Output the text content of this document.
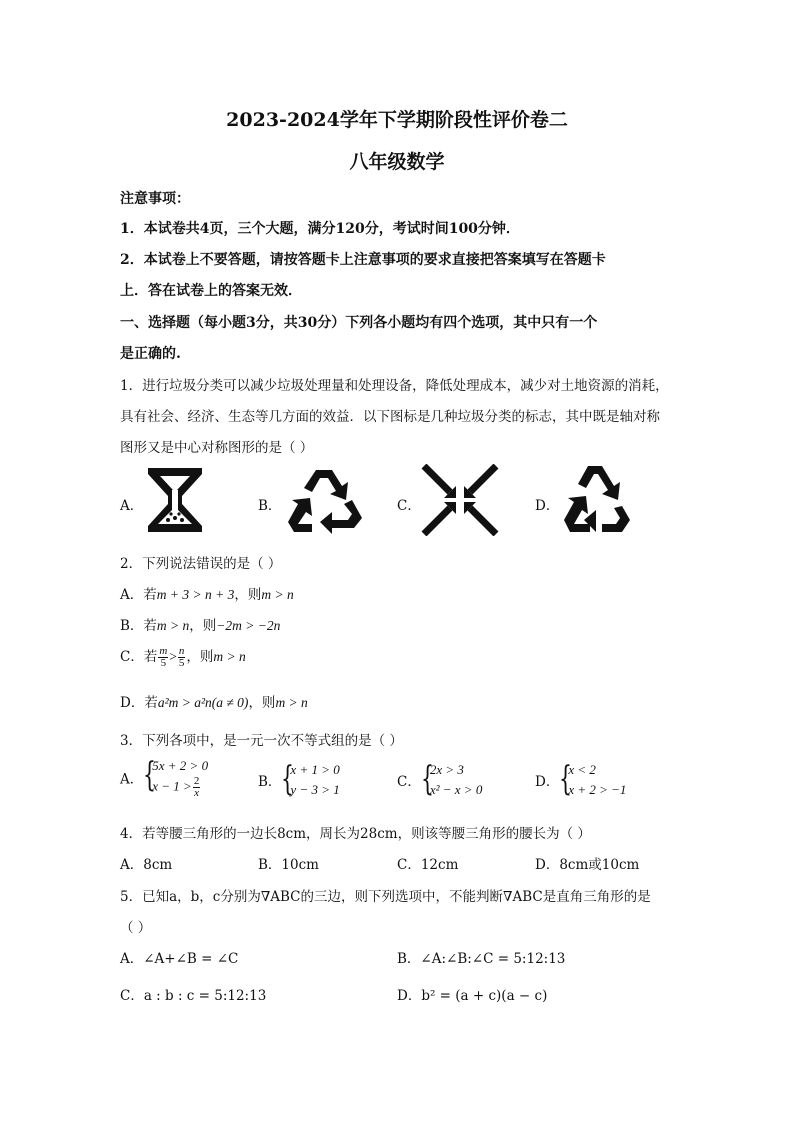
2023-2024学年下学期阶段性评价卷二
八年级数学
注意事项：
1．本试卷共4页，三个大题，满分120分，考试时间100分钟．
2．本试卷上不要答题，请按答题卡上注意事项的要求直接把答案填写在答题卡
上．答在试卷上的答案无效．
一、选择题（每小题3分，共30分）下列各小题均有四个选项，其中只有一个
是正确的.
1．进行垃圾分类可以减少垃圾处理量和处理设备，降低处理成本，减少对土地资源的消耗，
具有社会、经济、生态等几方面的效益．以下图标是几种垃圾分类的标志，其中既是轴对称
图形又是中心对称图形的是（ ）
A．	B．	C．	D．
2．下列说法错误的是（ ）
A．若m + 3 > n + 3，则m > n
B．若m > n，则−2m > −2n
C．若 $\frac{m}{5} > \frac{n}{5}$ ，则m > n
D．若a²m > a²n(a ≠ 0)，则m > n
3．下列各项中，是一元一次不等式组的是（ ）
A． {
5x + 2 > 0
$x - 1 > \frac{2}{x}$	B． {
x + 1 > 0
y − 3 > 1	C． {
2x > 3
x² − x > 0	D． {
x < 2
x + 2 > −1
4．若等腰三角形的一边长8cm，周长为28cm，则该等腰三角形的腰长为（ ）
A．8cm	B．10cm	C．12cm	D．8cm或10cm
5．已知a，b，c分别为∇ABC的三边，则下列选项中，不能判断∇ABC是直角三角形的是
（ ）
A．∠A+∠B = ∠C	B．∠A:∠B:∠C = 5:12:13
C．a : b : c = 5:12:13	D．b² = (a + c)(a − c)
